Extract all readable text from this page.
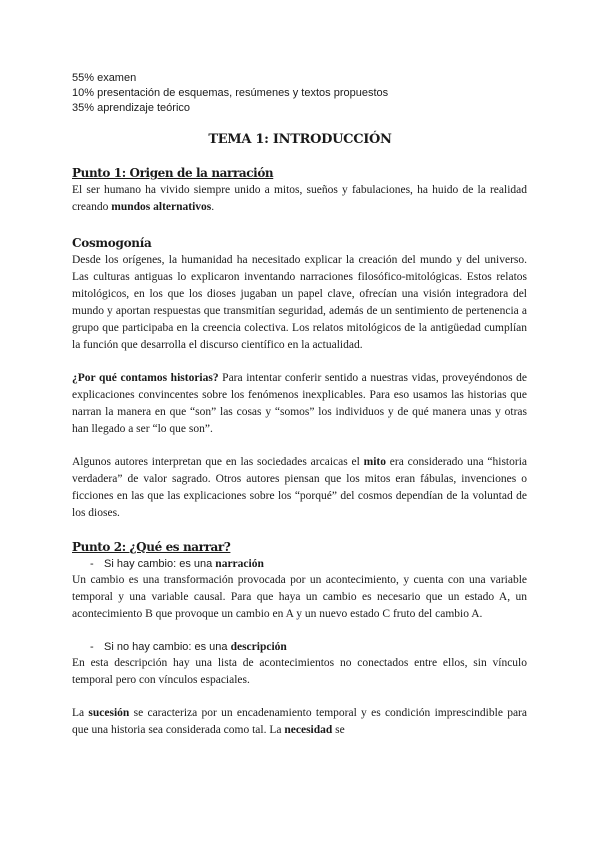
55% examen
10% presentación de esquemas, resúmenes y textos propuestos
35% aprendizaje teórico
TEMA 1: INTRODUCCIÓN
Punto 1: Origen de la narración

El ser humano ha vivido siempre unido a mitos, sueños y fabulaciones, ha huido de la realidad creando mundos alternativos.

Cosmogonía

Desde los orígenes, la humanidad ha necesitado explicar la creación del mundo y del universo. Las culturas antiguas lo explicaron inventando narraciones filosófico-mitológicas. Estos relatos mitológicos, en los que los dioses jugaban un papel clave, ofrecían una visión integradora del mundo y aportan respuestas que transmitían seguridad, además de un sentimiento de pertenencia a grupo que participaba en la creencia colectiva. Los relatos mitológicos de la antigüedad cumplían la función que desarrolla el discurso científico en la actualidad.

¿Por qué contamos historias? Para intentar conferir sentido a nuestras vidas, proveyéndonos de explicaciones convincentes sobre los fenómenos inexplicables. Para eso usamos las historias que narran la manera en que “son” las cosas y “somos” los individuos y de qué manera unas y otras han llegado a ser “lo que son”.

Algunos autores interpretan que en las sociedades arcaicas el mito era considerado una “historia verdadera” de valor sagrado. Otros autores piensan que los mitos eran fábulas, invenciones o ficciones en las que las explicaciones sobre los “porqué” del cosmos dependían de la voluntad de los dioses.

Punto 2: ¿Qué es narrar?
- Si hay cambio: es una narración

Un cambio es una transformación provocada por un acontecimiento, y cuenta con una variable temporal y una variable causal. Para que haya un cambio es necesario que un estado A, un acontecimiento B que provoque un cambio en A y un nuevo estado C fruto del cambio A.

- Si no hay cambio: es una descripción

En esta descripción hay una lista de acontecimientos no conectados entre ellos, sin vínculo temporal pero con vínculos espaciales.

La sucesión se caracteriza por un encadenamiento temporal y es condición imprescindible para que una historia sea considerada como tal. La necesidad se
